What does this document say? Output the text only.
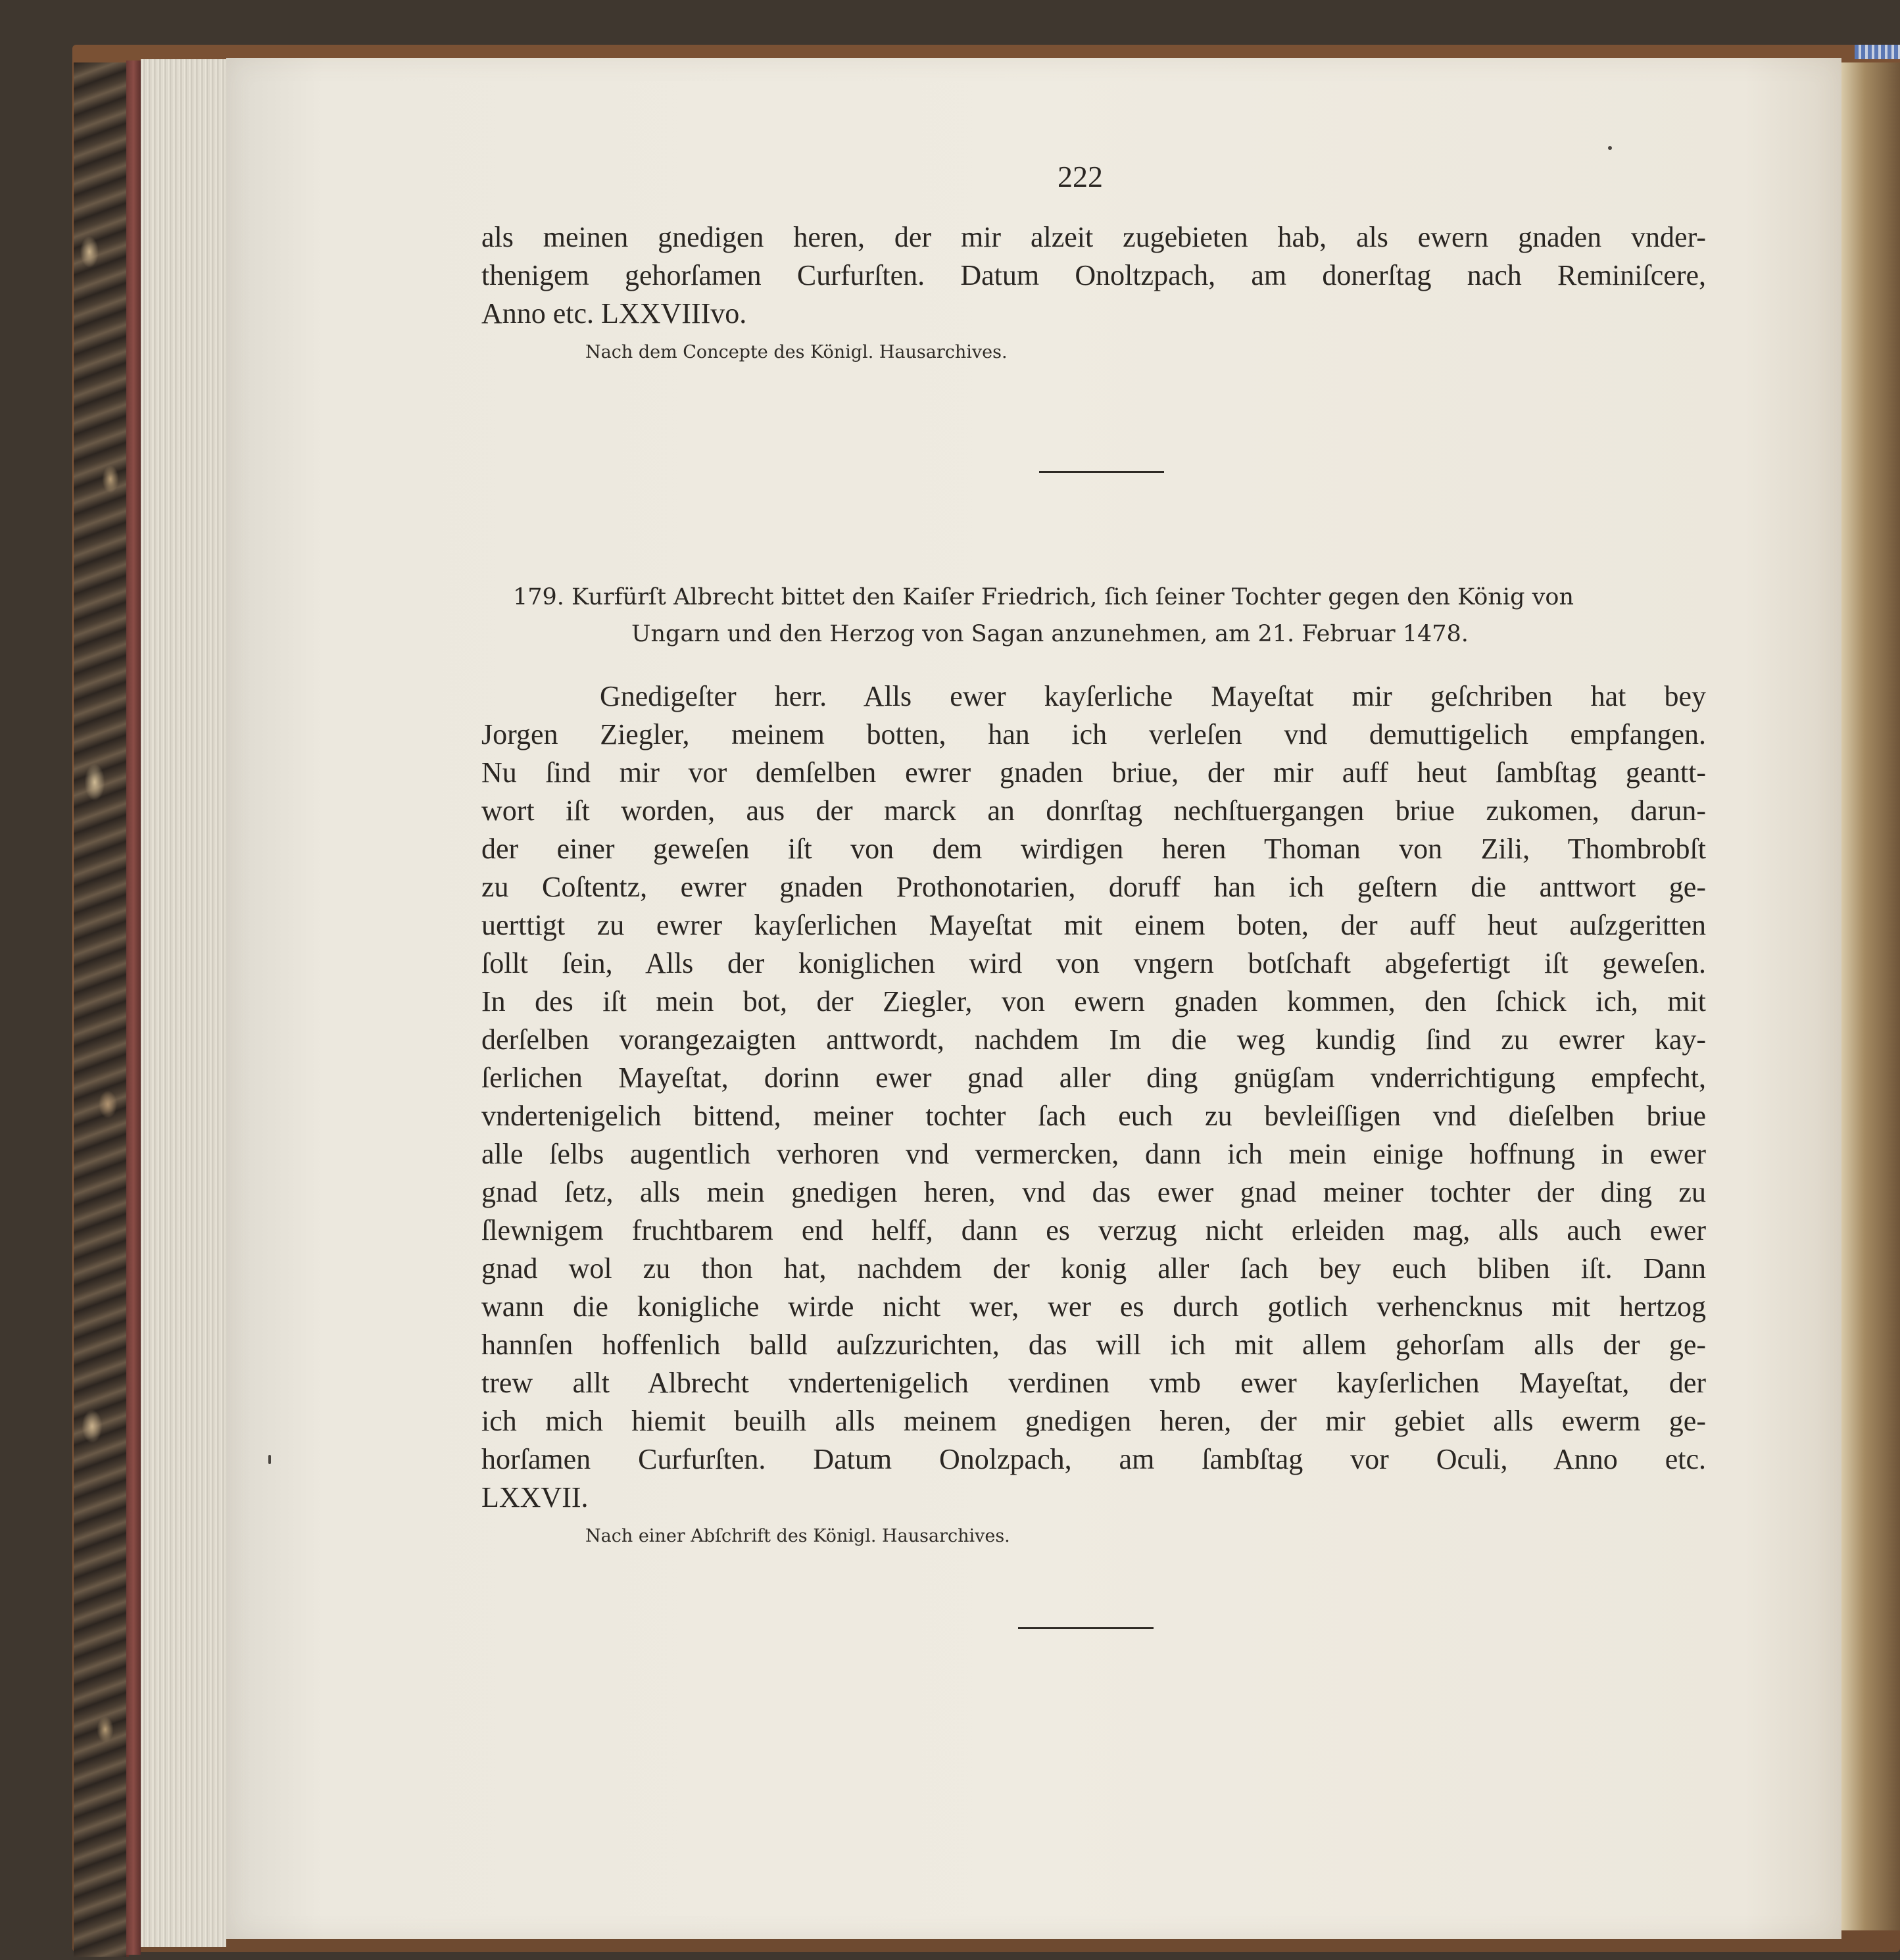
222
als meinen gnedigen heren, der mir alzeit zugebieten hab, als ewern gnaden vnder-
thenigem gehorſamen Curfurſten. Datum Onoltzpach, am donerſtag nach Reminiſcere,
Anno etc. LXXVIIIvo.
Nach dem Concepte des Königl. Hausarchives.
179. Kurfürſt Albrecht bittet den Kaiſer Friedrich, ſich ſeiner Tochter gegen den König von
Ungarn und den Herzog von Sagan anzunehmen, am 21. Februar 1478.
Gnedigeſter herr. Alls ewer kayſerliche Mayeſtat mir geſchriben hat bey
Jorgen Ziegler, meinem botten, han ich verleſen vnd demuttigelich empfangen.
Nu ſind mir vor demſelben ewrer gnaden briue, der mir auff heut ſambſtag geantt-
wort iſt worden, aus der marck an donrſtag nechſtuergangen briue zukomen, darun-
der einer geweſen iſt von dem wirdigen heren Thoman von Zili, Thombrobſt
zu Coſtentz, ewrer gnaden Prothonotarien, doruff han ich geſtern die anttwort ge-
uerttigt zu ewrer kayſerlichen Mayeſtat mit einem boten, der auff heut auſzgeritten
ſollt ſein, Alls der koniglichen wird von vngern botſchaft abgefertigt iſt geweſen.
In des iſt mein bot, der Ziegler, von ewern gnaden kommen, den ſchick ich, mit
derſelben vorangezaigten anttwordt, nachdem Im die weg kundig ſind zu ewrer kay-
ſerlichen Mayeſtat, dorinn ewer gnad aller ding gnügſam vnderrichtigung empfecht,
vndertenigelich bittend, meiner tochter ſach euch zu bevleiſſigen vnd dieſelben briue
alle ſelbs augentlich verhoren vnd vermercken, dann ich mein einige hoffnung in ewer
gnad ſetz, alls mein gnedigen heren, vnd das ewer gnad meiner tochter der ding zu
ſlewnigem fruchtbarem end helff, dann es verzug nicht erleiden mag, alls auch ewer
gnad wol zu thon hat, nachdem der konig aller ſach bey euch bliben iſt. Dann
wann die konigliche wirde nicht wer, wer es durch gotlich verhencknus mit hertzog
hannſen hoffenlich balld auſzzurichten, das will ich mit allem gehorſam alls der ge-
trew allt Albrecht vndertenigelich verdinen vmb ewer kayſerlichen Mayeſtat, der
ich mich hiemit beuilh alls meinem gnedigen heren, der mir gebiet alls ewerm ge-
horſamen Curfurſten. Datum Onolzpach, am ſambſtag vor Oculi, Anno etc.
LXXVII.
Nach einer Abſchrift des Königl. Hausarchives.
